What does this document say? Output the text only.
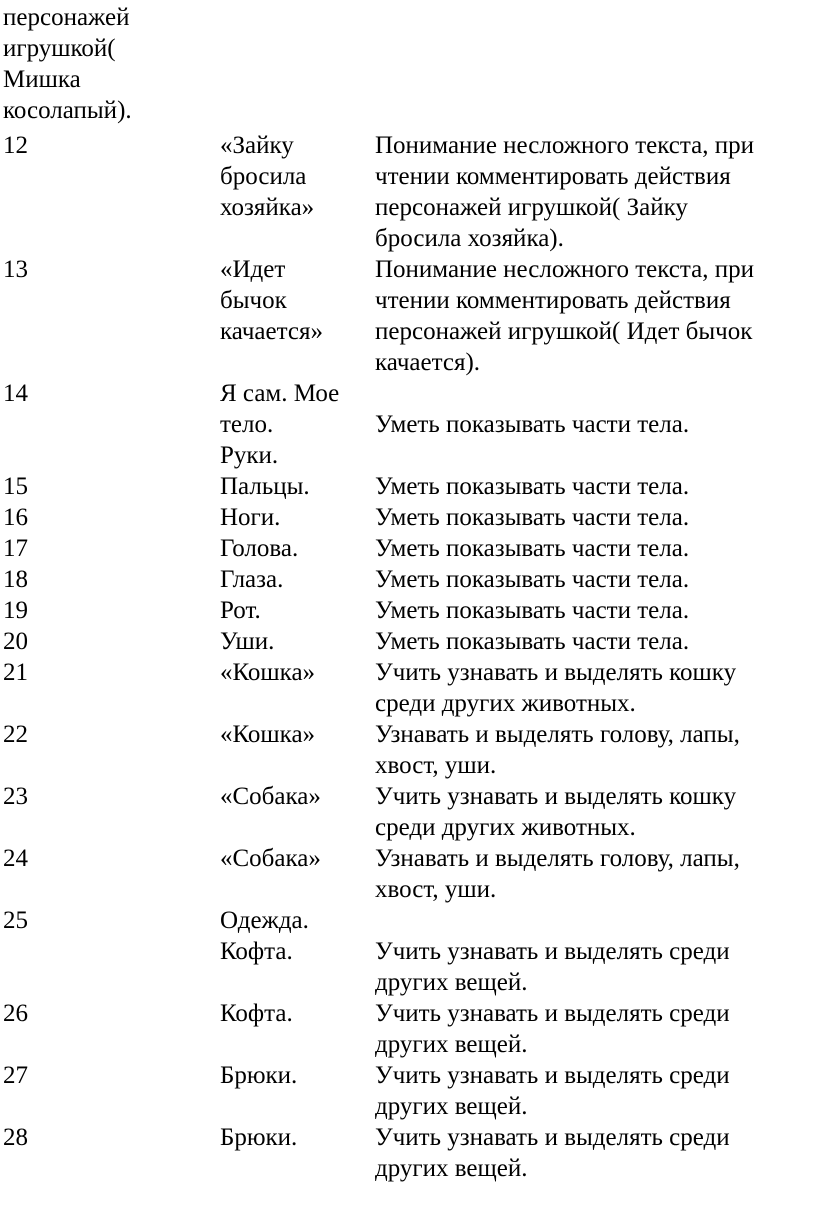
персонажей
игрушкой(
Мишка
косолапый).
12	«Зайку
бросила
хозяйка»	Понимание несложного текста, при
чтении комментировать действия
персонажей игрушкой( Зайку
бросила хозяйка).

13	«Идет
бычок
качается»	Понимание несложного текста, при
чтении комментировать действия
персонажей игрушкой( Идет бычок
качается).

14	Я сам. Мое
тело.
Руки.	Уметь показывать части тела.

15	Пальцы.	Уметь показывать части тела.

16	Ноги.	Уметь показывать части тела.

17	Голова.	Уметь показывать части тела.

18	Глаза.	Уметь показывать части тела.

19	Рот.	Уметь показывать части тела.

20	Уши.	Уметь показывать части тела.

21	«Кошка»	Учить узнавать и выделять кошку
среди других животных.

22	«Кошка»	Узнавать и выделять голову, лапы,
хвост, уши.

23	«Собака»	Учить узнавать и выделять кошку
среди других животных.

24	«Собака»	Узнавать и выделять голову, лапы,
хвост, уши.

25	Одежда.
Кофта.	Учить узнавать и выделять среди
других вещей.

26	Кофта.	Учить узнавать и выделять среди
других вещей.

27	Брюки.	Учить узнавать и выделять среди
других вещей.

28	Брюки.	Учить узнавать и выделять среди
других вещей.
